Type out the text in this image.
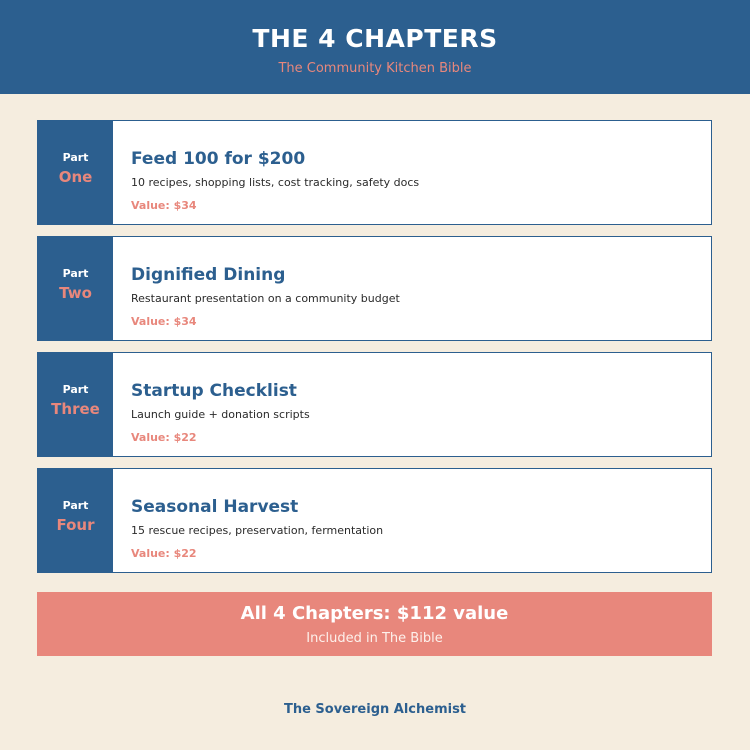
THE 4 CHAPTERS
The Community Kitchen Bible
Part
One
Feed 100 for $200
10 recipes, shopping lists, cost tracking, safety docs
Value: $34
Part
Two
Dignified Dining
Restaurant presentation on a community budget
Value: $34
Part
Three
Startup Checklist
Launch guide + donation scripts
Value: $22
Part
Four
Seasonal Harvest
15 rescue recipes, preservation, fermentation
Value: $22
All 4 Chapters: $112 value
Included in The Bible
The Sovereign Alchemist
